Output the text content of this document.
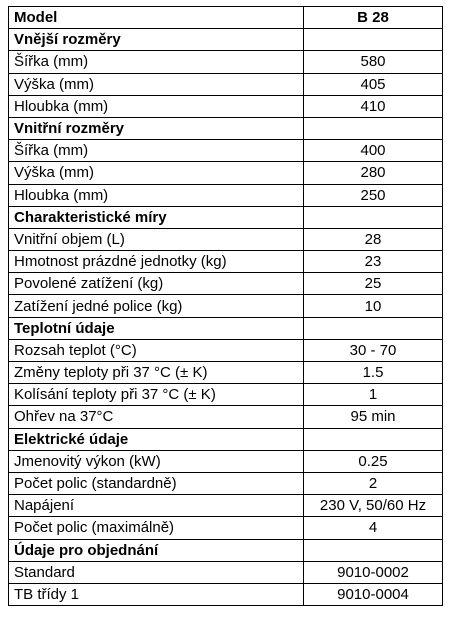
Model	B 28
Vnější rozměry	
Šířka (mm)	580
Výška (mm)	405
Hloubka (mm)	410
Vnitřní rozměry	
Šířka (mm)	400
Výška (mm)	280
Hloubka (mm)	250
Charakteristické míry	
Vnitřní objem (L)	28
Hmotnost prázdné jednotky (kg)	23
Povolené zatížení (kg)	25
Zatížení jedné police (kg)	10
Teplotní údaje	
Rozsah teplot (°C)	30 - 70
Změny teploty při 37 °C (± K)	1.5
Kolísání teploty při 37 °C (± K)	1
Ohřev na 37°C	95 min
Elektrické údaje	
Jmenovitý výkon (kW)	0.25
Počet polic (standardně)	2
Napájení	230 V, 50/60 Hz
Počet polic (maximálně)	4
Údaje pro objednání	
Standard	9010-0002
TB třídy 1	9010-0004
